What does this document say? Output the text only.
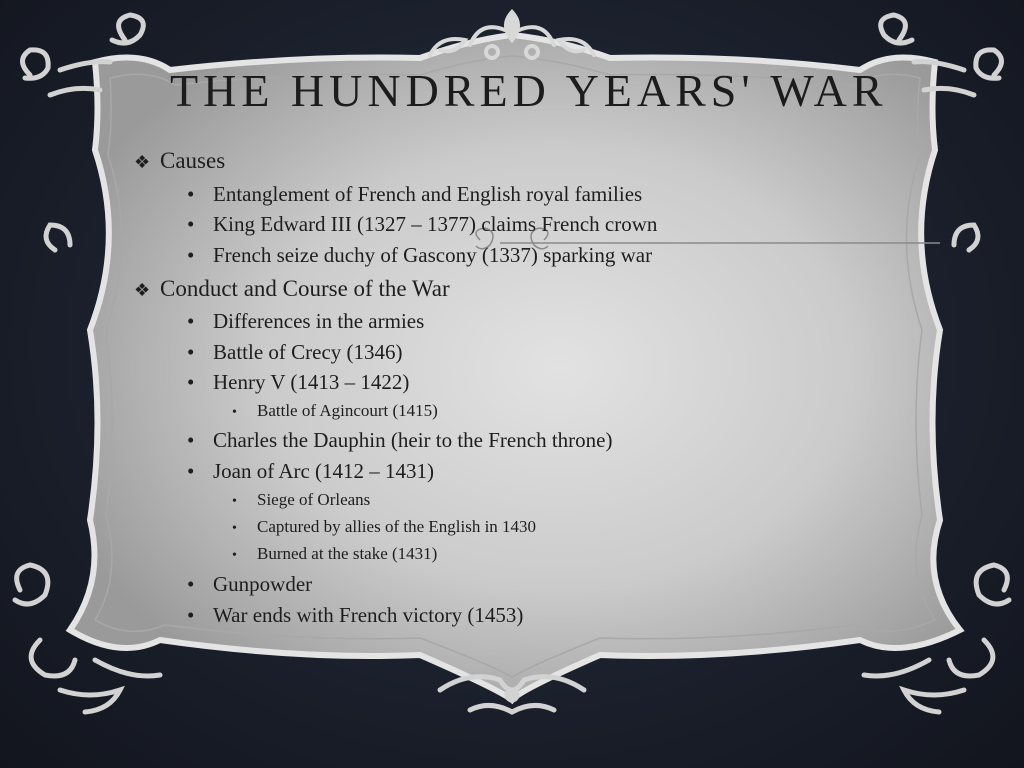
THE HUNDRED YEARS' WAR
❖ Causes
• Entanglement of French and English royal families
• King Edward III (1327 – 1377) claims French crown
• French seize duchy of Gascony (1337) sparking war
❖ Conduct and Course of the War
• Differences in the armies
• Battle of Crecy (1346)
• Henry V (1413 – 1422)
• Battle of Agincourt (1415)
• Charles the Dauphin (heir to the French throne)
• Joan of Arc (1412 – 1431)
• Siege of Orleans
• Captured by allies of the English in 1430
• Burned at the stake (1431)
• Gunpowder
• War ends with French victory (1453)
